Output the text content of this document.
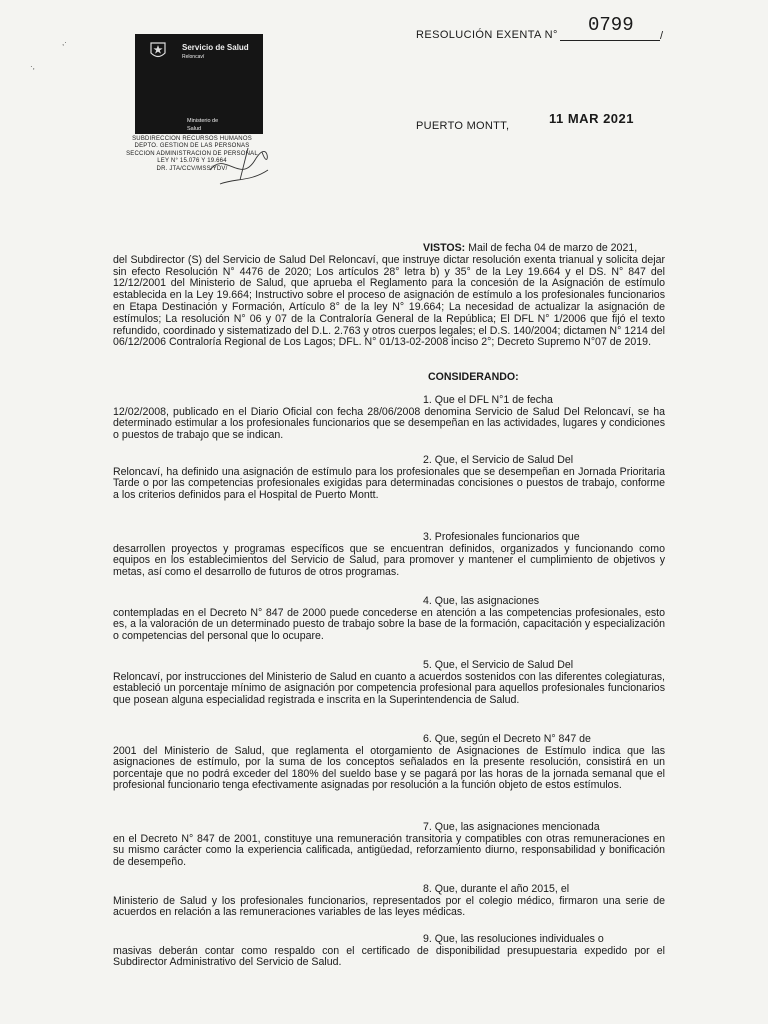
,·
·,
Servicio de Salud
Reloncaví
Ministerio de
Salud
SUBDIRECCION RECURSOS HUMANOS
DEPTO. GESTION DE LAS PERSONAS
SECCION ADMINISTRACION DE PERSONAL
LEY N° 15.076 Y 19.664
DR. JTA/CCV/MSS/YDV/
RESOLUCIÓN EXENTA N° 0799 /
PUERTO MONTT,	11 MAR 2021
VISTOS: Mail de fecha 04 de marzo de 2021,
del Subdirector (S) del Servicio de Salud Del Reloncaví, que instruye dictar resolución exenta trianual y solicita dejar sin efecto Resolución N° 4476 de 2020; Los artículos 28° letra b) y 35° de la Ley 19.664 y el DS. N° 847 del 12/12/2001 del Ministerio de Salud, que aprueba el Reglamento para la concesión de la Asignación de estímulo establecida en la Ley 19.664; Instructivo sobre el proceso de asignación de estímulo a los profesionales funcionarios en Etapa Destinación y Formación, Artículo 8° de la ley N° 19.664; La necesidad de actualizar la asignación de estímulos; La resolución N° 06 y 07 de la Contraloría General de la República; El DFL N° 1/2006 que fijó el texto refundido, coordinado y sistematizado del D.L. 2.763 y otros cuerpos legales; el D.S. 140/2004; dictamen N° 1214 del 06/12/2006 Contraloría Regional de Los Lagos; DFL. N° 01/13-02-2008 inciso 2°; Decreto Supremo N°07 de 2019.
CONSIDERANDO:
1. Que el DFL N°1 de fecha
12/02/2008, publicado en el Diario Oficial con fecha 28/06/2008 denomina Servicio de Salud Del Reloncaví, se ha determinado estimular a los profesionales funcionarios que se desempeñan en las actividades, lugares y condiciones o puestos de trabajo que se indican.
2. Que, el Servicio de Salud Del
Reloncaví, ha definido una asignación de estímulo para los profesionales que se desempeñan en Jornada Prioritaria Tarde o por las competencias profesionales exigidas para determinadas concisiones o puestos de trabajo, conforme a los criterios definidos para el Hospital de Puerto Montt.
3. Profesionales funcionarios que
desarrollen proyectos y programas específicos que se encuentran definidos, organizados y funcionando como equipos en los establecimientos del Servicio de Salud, para promover y mantener el cumplimiento de objetivos y metas, así como el desarrollo de futuros de otros programas.
4. Que, las asignaciones
contempladas en el Decreto N° 847 de 2000 puede concederse en atención a las competencias profesionales, esto es, a la valoración de un determinado puesto de trabajo sobre la base de la formación, capacitación y especialización o competencias del personal que lo ocupare.
5. Que, el Servicio de Salud Del
Reloncaví, por instrucciones del Ministerio de Salud en cuanto a acuerdos sostenidos con las diferentes colegiaturas, estableció un porcentaje mínimo de asignación por competencia profesional para aquellos profesionales funcionarios que posean alguna especialidad registrada e inscrita en la Superintendencia de Salud.
6. Que, según el Decreto N° 847 de
2001 del Ministerio de Salud, que reglamenta el otorgamiento de Asignaciones de Estímulo indica que las asignaciones de estímulo, por la suma de los conceptos señalados en la presente resolución, consistirá en un porcentaje que no podrá exceder del 180% del sueldo base y se pagará por las horas de la jornada semanal que el profesional funcionario tenga efectivamente asignadas por resolución a la función objeto de estos estímulos.
7. Que, las asignaciones mencionada
en el Decreto N° 847 de 2001, constituye una remuneración transitoria y compatibles con otras remuneraciones en su mismo carácter como la experiencia calificada, antigüedad, reforzamiento diurno, responsabilidad y bonificación de desempeño.
8. Que, durante el año 2015, el
Ministerio de Salud y los profesionales funcionarios, representados por el colegio médico, firmaron una serie de acuerdos en relación a las remuneraciones variables de las leyes médicas.
9. Que, las resoluciones individuales o
masivas deberán contar como respaldo con el certificado de disponibilidad presupuestaria expedido por el Subdirector Administrativo del Servicio de Salud.
